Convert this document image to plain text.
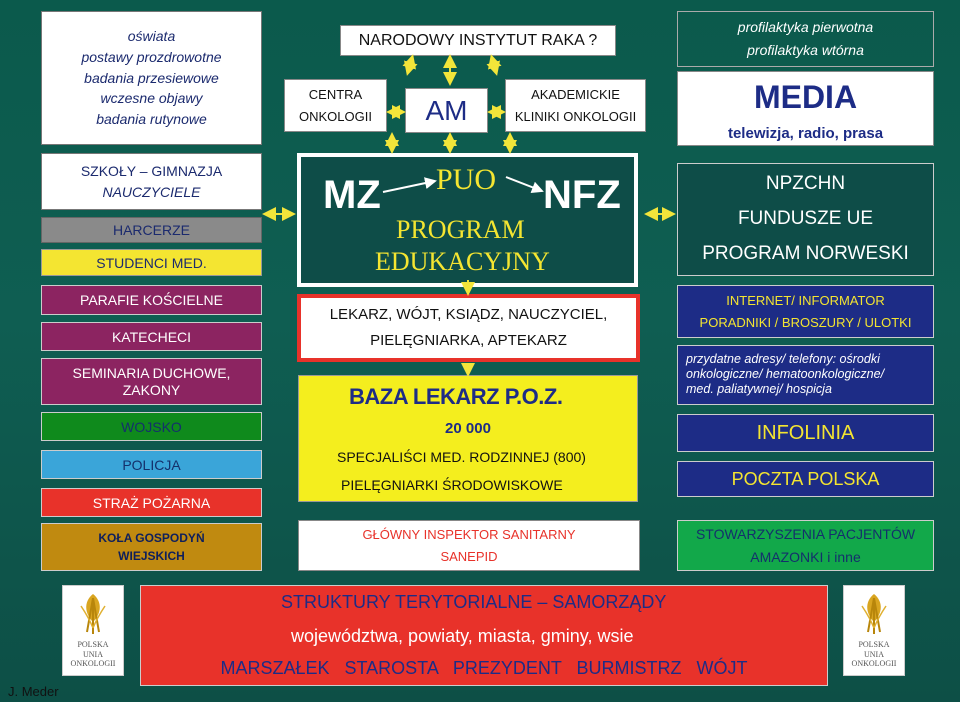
oświata
postawy prozdrowotne
badania przesiewowe
wczesne objawy
badania rutynowe
SZKOŁY – GIMNAZJA
NAUCZYCIELE
HARCERZE
STUDENCI MED.
PARAFIE KOŚCIELNE
KATECHECI
SEMINARIA DUCHOWE,
ZAKONY
WOJSKO
POLICJA
STRAŻ POŻARNA
KOŁA GOSPODYŃ
WIEJSKICH
NARODOWY INSTYTUT RAKA ?
CENTRA
ONKOLOGII AM
AKADEMICKIE
KLINIKI ONKOLOGII
MZ PUO NFZ
PROGRAM
EDUKACYJNY
LEKARZ, WÓJT, KSIĄDZ, NAUCZYCIEL,
PIELĘGNIARKA, APTEKARZ
BAZA LEKARZ P.O.Z.
20 000
SPECJALIŚCI MED. RODZINNEJ (800)
PIELĘGNIARKI ŚRODOWISKOWE
GŁÓWNY INSPEKTOR SANITARNY
SANEPID
profilaktyka pierwotna
profilaktyka wtórna
MEDIA
telewizja, radio, prasa
NPZCHN
FUNDUSZE UE
PROGRAM NORWESKI
INTERNET/ INFORMATOR
PORADNIKI / BROSZURY / ULOTKI
przydatne adresy/ telefony: ośrodki
onkologiczne/ hematoonkologiczne/
med. paliatywnej/ hospicja
INFOLINIA
POCZTA POLSKA
STOWARZYSZENIA PACJENTÓW
AMAZONKI i inne
STRUKTURY TERYTORIALNE – SAMORZĄDY
województwa, powiaty, miasta, gminy, wsie
MARSZAŁEK   STAROSTA   PREZYDENT   BURMISTRZ   WÓJT
POLSKA
UNIA
ONKOLOGII
POLSKA
UNIA
ONKOLOGII
J. Meder
